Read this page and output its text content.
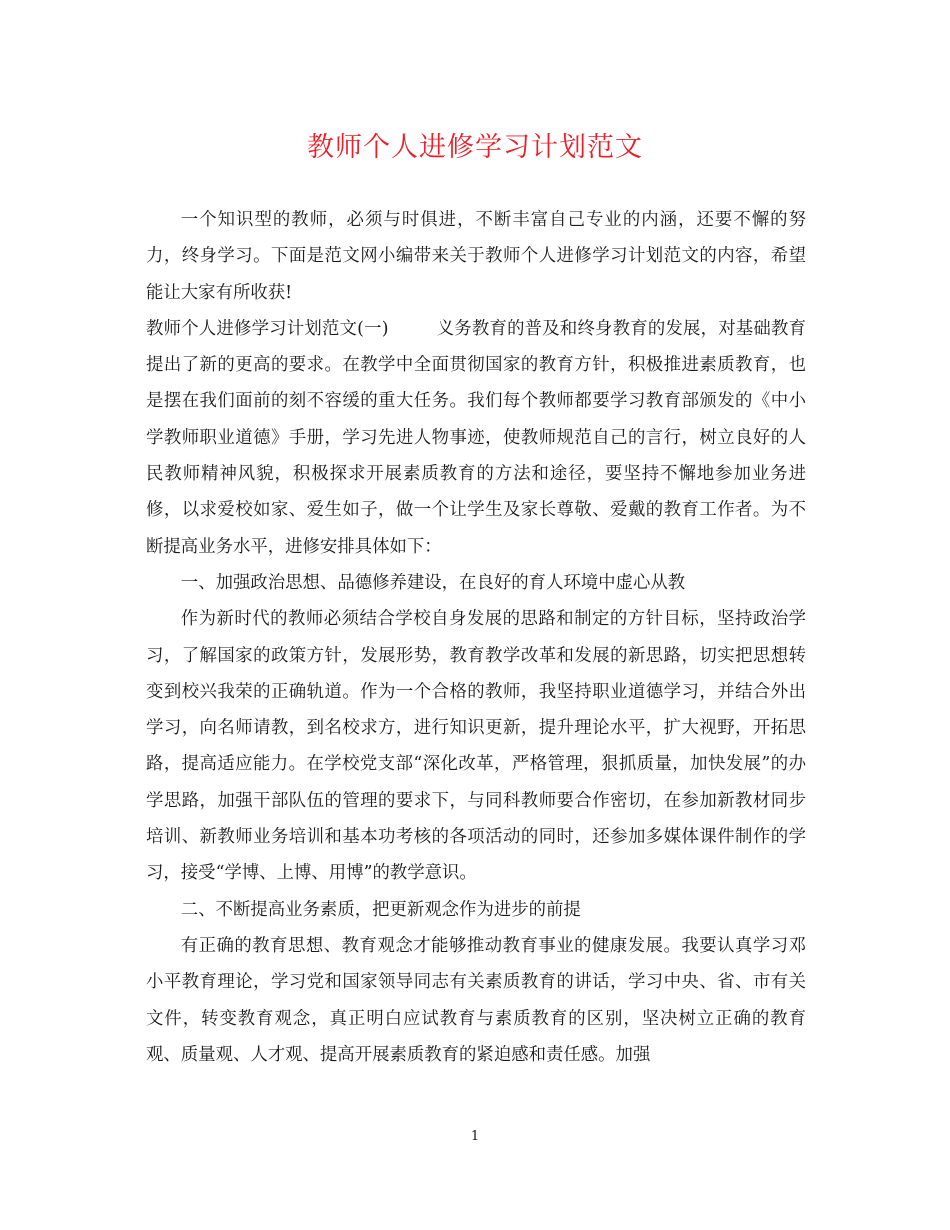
教师个人进修学习计划范文

一个知识型的教师，必须与时俱进，不断丰富自己专业的内涵，还要不懈的努力，终身学习。下面是范文网小编带来关于教师个人进修学习计划范文的内容，希望能让大家有所收获!

教师个人进修学习计划范文(一)	义务教育的普及和终身教育的发展，对基础教育提出了新的更高的要求。在教学中全面贯彻国家的教育方针，积极推进素质教育，也是摆在我们面前的刻不容缓的重大任务。我们每个教师都要学习教育部颁发的《中小学教师职业道德》手册，学习先进人物事迹，使教师规范自己的言行，树立良好的人民教师精神风貌，积极探求开展素质教育的方法和途径，要坚持不懈地参加业务进修，以求爱校如家、爱生如子，做一个让学生及家长尊敬、爱戴的教育工作者。为不断提高业务水平，进修安排具体如下：

一、加强政治思想、品德修养建设，在良好的育人环境中虚心从教

作为新时代的教师必须结合学校自身发展的思路和制定的方针目标，坚持政治学习，了解国家的政策方针，发展形势，教育教学改革和发展的新思路，切实把思想转变到校兴我荣的正确轨道。作为一个合格的教师，我坚持职业道德学习，并结合外出学习，向名师请教，到名校求方，进行知识更新，提升理论水平，扩大视野，开拓思路，提高适应能力。在学校党支部“深化改革，严格管理，狠抓质量，加快发展”的办学思路，加强干部队伍的管理的要求下，与同科教师要合作密切，在参加新教材同步培训、新教师业务培训和基本功考核的各项活动的同时，还参加多媒体课件制作的学习，接受“学博、上博、用博”的教学意识。

二、不断提高业务素质，把更新观念作为进步的前提

有正确的教育思想、教育观念才能够推动教育事业的健康发展。我要认真学习邓小平教育理论，学习党和国家领导同志有关素质教育的讲话，学习中央、省、市有关文件，转变教育观念，真正明白应试教育与素质教育的区别，坚决树立正确的教育观、质量观、人才观、提高开展素质教育的紧迫感和责任感。加强

1
